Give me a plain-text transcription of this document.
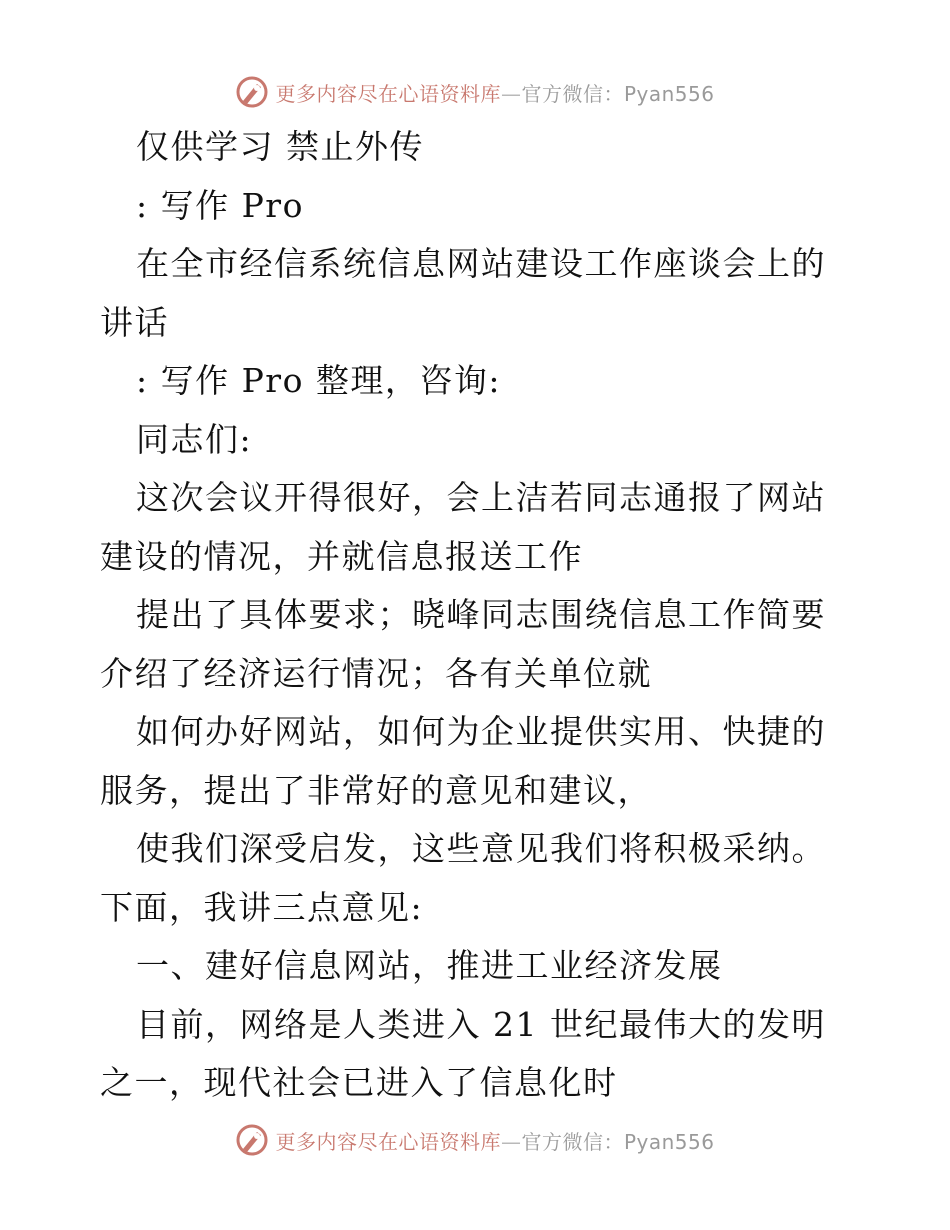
更多内容尽在心语资料库—官方微信：Pyan556

仅供学习 禁止外传

: 写作 Pro

在全市经信系统信息网站建设工作座谈会上的讲话

: 写作 Pro 整理，咨询:

同志们:

这次会议开得很好，会上洁若同志通报了网站建设的情况，并就信息报送工作

提出了具体要求；晓峰同志围绕信息工作简要介绍了经济运行情况；各有关单位就

如何办好网站，如何为企业提供实用、快捷的服务，提出了非常好的意见和建议，

使我们深受启发，这些意见我们将积极采纳。下面，我讲三点意见:

一、建好信息网站，推进工业经济发展

目前，网络是人类进入 21 世纪最伟大的发明之一，现代社会已进入了信息化时

更多内容尽在心语资料库—官方微信：Pyan556
